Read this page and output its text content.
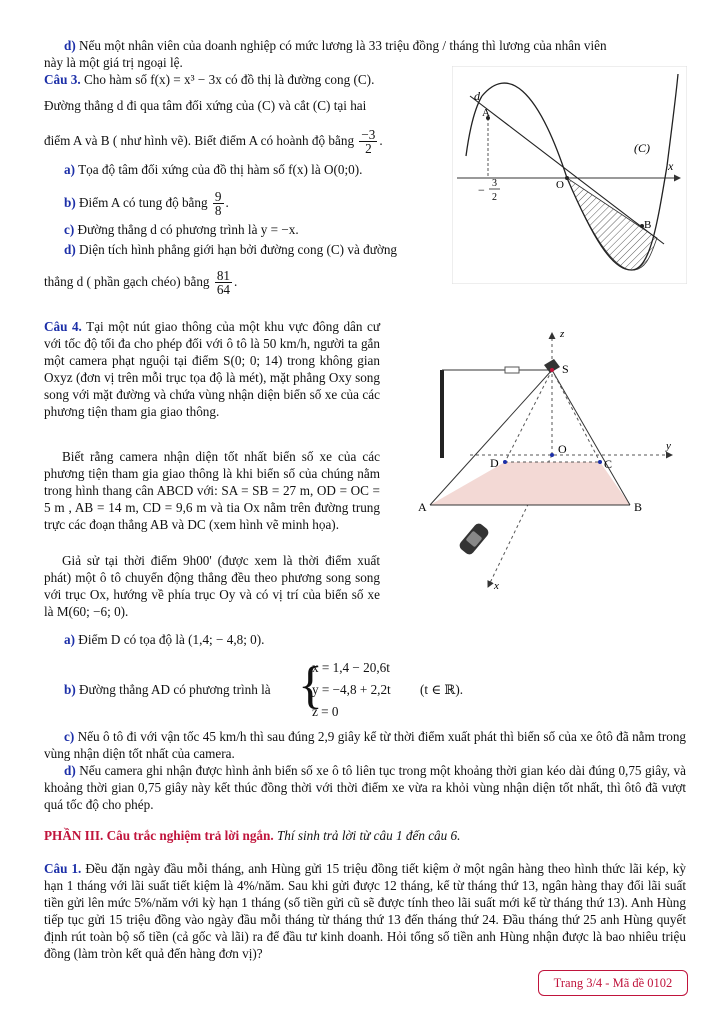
d) Nếu một nhân viên của doanh nghiệp có mức lương là 33 triệu đồng / tháng thì lương của nhân viên
này là một giá trị ngoại lệ.
Câu 3. Cho hàm số f(x) = x³ − 3x có đồ thị là đường cong (C).
Đường thẳng d đi qua tâm đối xứng của (C) và cắt (C) tại hai
điểm A và B ( như hình vẽ). Biết điểm A có hoành độ bằng $\frac{-3}{2}$ .
a) Tọa độ tâm đối xứng của đồ thị hàm số f(x) là O(0;0).
b) Điểm A có tung độ bằng $\frac{9}{8}$ .
c) Đường thẳng d có phương trình là y = −x.
d) Diện tích hình phẳng giới hạn bởi đường cong (C) và đường
thẳng d ( phần gạch chéo) bằng $\frac{81}{64}$ .
d
A
B
O
(C)
x
− 3
2
Câu 4. Tại một nút giao thông của một khu vực đông dân cư với tốc độ tối đa cho phép đối với ô tô là 50 km/h, người ta gắn một camera phạt nguội tại điểm S(0; 0; 14) trong không gian Oxyz (đơn vị trên mỗi trục tọa độ là mét), mặt phẳng Oxy song song với mặt đường và chứa vùng nhận diện biển số xe của các phương tiện tham gia giao thông.
Biết rằng camera nhận diện tốt nhất biển số xe của các phương tiện tham gia giao thông là khi biển số của chúng nằm trong hình thang cân ABCD với: SA = SB = 27 m, OD = OC = 5 m , AB = 14 m, CD = 9,6 m và tia Ox nằm trên đường trung trực các đoạn thẳng AB và DC (xem hình vẽ minh họa).
Giả sử tại thời điểm 9h00' (được xem là thời điểm xuất phát) một ô tô chuyển động thẳng đều theo phương song song với trục Ox, hướng về phía trục Oy và có vị trí của biển số xe là M(60; −6; 0).
z
S
O	y
D	C
A	B
x
a) Điểm D có tọa độ là (1,4; − 4,8; 0).
b) Đường thẳng AD có phương trình là {
x = 1,4 − 20,6t
y = −4,8 + 2,2t
z = 0
(t ∈ ℝ).
c) Nếu ô tô đi với vận tốc 45 km/h thì sau đúng 2,9 giây kể từ thời điểm xuất phát thì biển số của xe ôtô đã nằm trong vùng nhận diện tốt nhất của camera.
d) Nếu camera ghi nhận được hình ảnh biển số xe ô tô liên tục trong một khoảng thời gian kéo dài đúng 0,75 giây, và khoảng thời gian 0,75 giây này kết thúc đồng thời với thời điểm xe vừa ra khỏi vùng nhận diện tốt nhất, thì ôtô đã vượt quá tốc độ cho phép.
PHẦN III. Câu trắc nghiệm trả lời ngắn. Thí sinh trả lời từ câu 1 đến câu 6.
Câu 1. Đều đặn ngày đầu mỗi tháng, anh Hùng gửi 15 triệu đồng tiết kiệm ở một ngân hàng theo hình thức lãi kép, kỳ hạn 1 tháng với lãi suất tiết kiệm là 4%/năm. Sau khi gửi được 12 tháng, kể từ tháng thứ 13, ngân hàng thay đổi lãi suất tiền gửi lên mức 5%/năm với kỳ hạn 1 tháng (số tiền gửi cũ sẽ được tính theo lãi suất mới kể từ tháng thứ 13). Anh Hùng tiếp tục gửi 15 triệu đồng vào ngày đầu mỗi tháng từ tháng thứ 13 đến tháng thứ 24. Đầu tháng thứ 25 anh Hùng quyết định rút toàn bộ số tiền (cả gốc và lãi) ra để đầu tư kinh doanh. Hỏi tổng số tiền anh Hùng nhận được là bao nhiêu triệu đồng (làm tròn kết quả đến hàng đơn vị)?
Trang 3/4 - Mã đề 0102
